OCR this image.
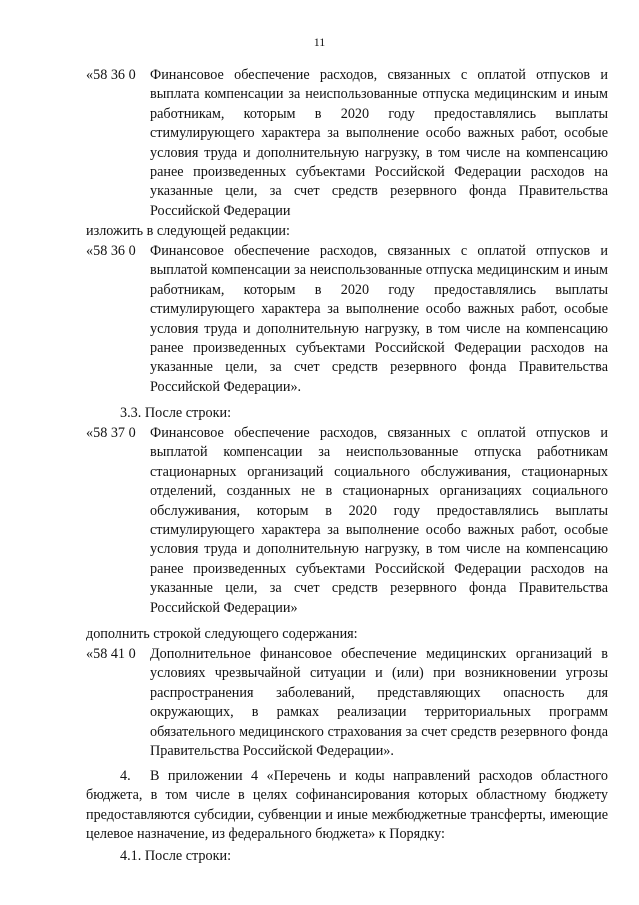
11
«58 36 0 Финансовое обеспечение расходов, связанных с оплатой отпусков и выплата компенсации за неиспользованные отпуска медицинским и иным работникам, которым в 2020 году предоставлялись выплаты стимулирующего характера за выполнение особо важных работ, особые условия труда и дополнительную нагрузку, в том числе на компенсацию ранее произведенных субъектами Российской Федерации расходов на указанные цели, за счет средств резервного фонда Правительства Российской Федерации
изложить в следующей редакции:
«58 36 0 Финансовое обеспечение расходов, связанных с оплатой отпусков и выплатой компенсации за неиспользованные отпуска медицинским и иным работникам, которым в 2020 году предоставлялись выплаты стимулирующего характера за выполнение особо важных работ, особые условия труда и дополнительную нагрузку, в том числе на компенсацию ранее произведенных субъектами Российской Федерации расходов на указанные цели, за счет средств резервного фонда Правительства Российской Федерации».
3.3. После строки:
«58 37 0 Финансовое обеспечение расходов, связанных с оплатой отпусков и выплатой компенсации за неиспользованные отпуска работникам стационарных организаций социального обслуживания, стационарных отделений, созданных не в стационарных организациях социального обслуживания, которым в 2020 году предоставлялись выплаты стимулирующего характера за выполнение особо важных работ, особые условия труда и дополнительную нагрузку, в том числе на компенсацию ранее произведенных субъектами Российской Федерации расходов на указанные цели, за счет средств резервного фонда Правительства Российской Федерации»
дополнить строкой следующего содержания:
«58 41 0 Дополнительное финансовое обеспечение медицинских организаций в условиях чрезвычайной ситуации и (или) при возникновении угрозы распространения заболеваний, представляющих опасность для окружающих, в рамках реализации территориальных программ обязательного медицинского страхования за счет средств резервного фонда Правительства Российской Федерации».
4.	В приложении 4 «Перечень и коды направлений расходов областного бюджета, в том числе в целях софинансирования которых областному бюджету предоставляются субсидии, субвенции и иные межбюджетные трансферты, имеющие целевое назначение, из федерального бюджета» к Порядку:
4.1. После строки:
